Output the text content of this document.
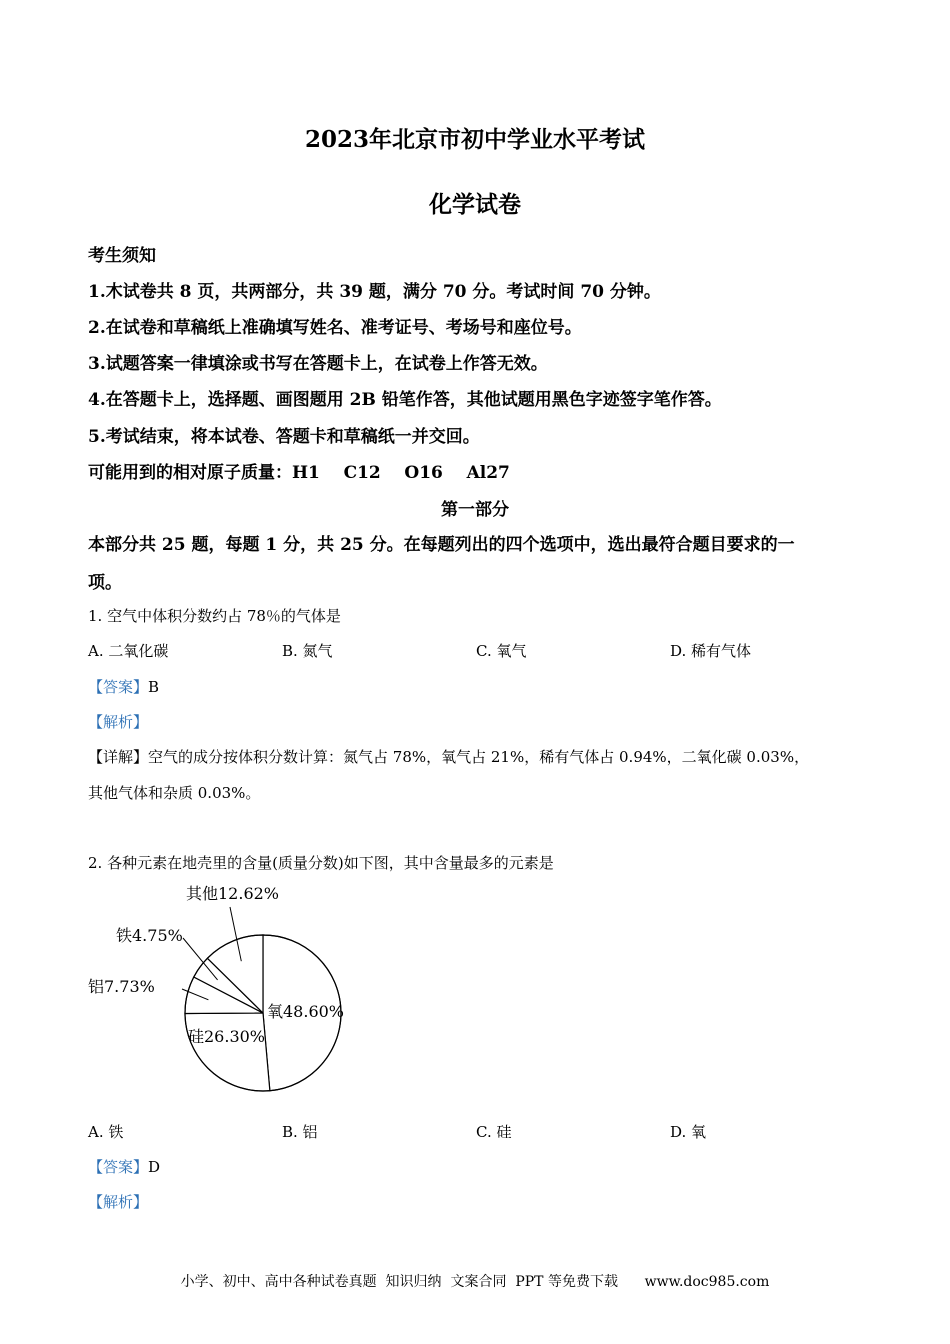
2023年北京市初中学业水平考试
化学试卷
考生须知
1.木试卷共 8 页，共两部分，共 39 题，满分 70 分。考试时间 70 分钟。
2.在试卷和草稿纸上准确填写姓名、准考证号、考场号和座位号。
3.试题答案一律填涂或书写在答题卡上，在试卷上作答无效。
4.在答题卡上，选择题、画图题用 2B 铅笔作答，其他试题用黑色字迹签字笔作答。
5.考试结束，将本试卷、答题卡和草稿纸一并交回。
可能用到的相对原子质量：H1    C12    O16    Al27
第一部分
本部分共 25 题，每题 1 分，共 25 分。在每题列出的四个选项中，选出最符合题目要求的一
项。
1. 空气中体积分数约占 78％的气体是
A. 二氧化碳	B. 氮气	C. 氧气	D. 稀有气体
【答案】B
【解析】
【详解】空气的成分按体积分数计算：氮气占 78%，氧气占 21%，稀有气体占 0.94%，二氧化碳 0.03%，
其他气体和杂质 0.03%。
2. 各种元素在地壳里的含量(质量分数)如下图，其中含量最多的元素是
氧48.60%
硅26.30%
铝7.73%
铁4.75%
其他12.62%
A. 铁	B. 铝	C. 硅	D. 氧
【答案】D
【解析】
小学、初中、高中各种试卷真题  知识归纳  文案合同  PPT 等免费下载      www.doc985.com
